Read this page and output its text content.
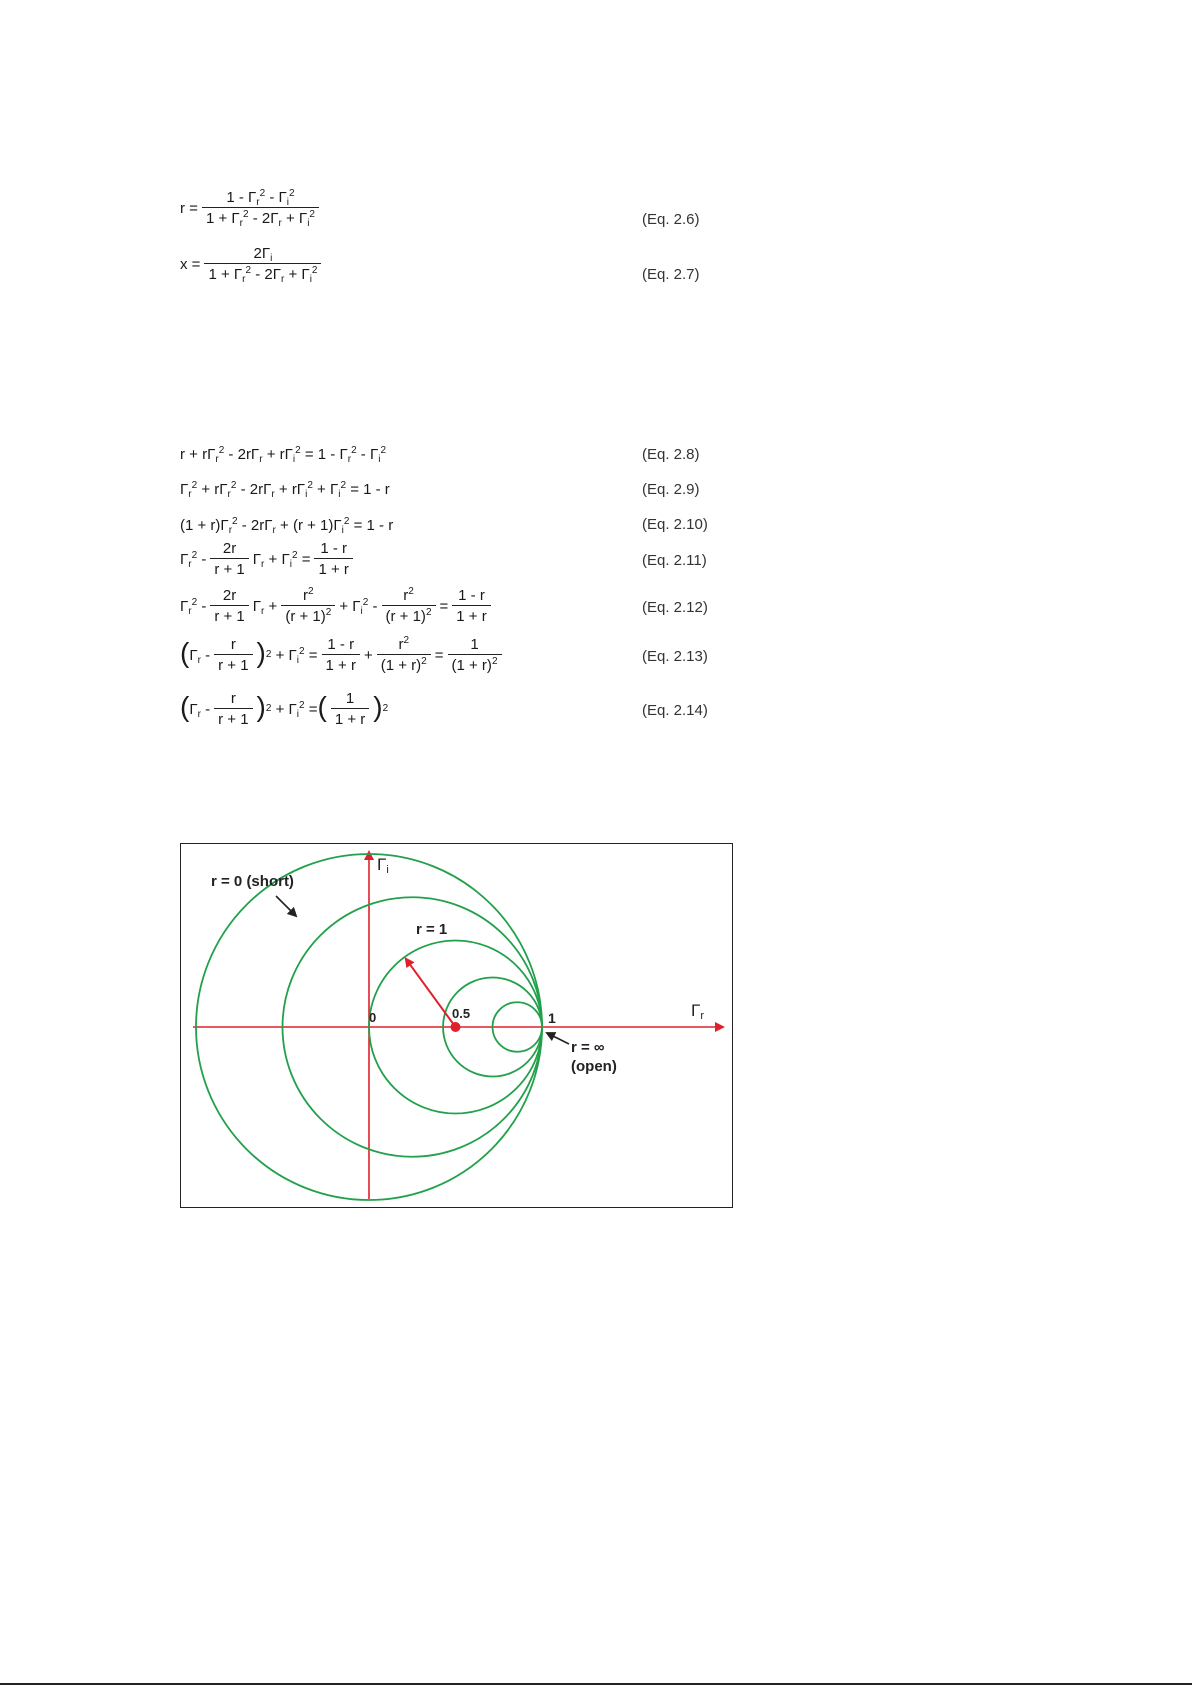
$r = \frac{1 - \Gamma_r^2 - \Gamma_i^2}{1 + \Gamma_r^2 - 2\Gamma_r + \Gamma_i^2}$	(Eq. 2.6)
$x = \frac{2\Gamma_i}{1 + \Gamma_r^2 - 2\Gamma_r + \Gamma_i^2}$	(Eq. 2.7)
$r + r\Gamma_r^2 - 2r\Gamma_r + r\Gamma_i^2 = 1 - \Gamma_r^2 - \Gamma_i^2$	(Eq. 2.8)
$\Gamma_r^2 + r\Gamma_r^2 - 2r\Gamma_r + r\Gamma_i^2 + \Gamma_i^2 = 1 - r$	(Eq. 2.9)
$(1 + r)\Gamma_r^2 - 2r\Gamma_r + (r + 1)\Gamma_i^2 = 1 - r$	(Eq. 2.10)
$\Gamma_r^2 - \frac{2r}{r + 1} \Gamma_r + \Gamma_i^2 = \frac{1 - r}{1 + r}$	(Eq. 2.11)
$\Gamma_r^2 - \frac{2r}{r + 1} \Gamma_r + \frac{r^2}{(r + 1)^2} + \Gamma_i^2 - \frac{r^2}{(r + 1)^2} = \frac{1 - r}{1 + r}$	(Eq. 2.12)
( $\Gamma_r - \frac{r}{r + 1}$ ) $2 + \Gamma_i^2 = \frac{1 - r}{1 + r} + \frac{r^2}{(1 + r)^2} = \frac{1}{(1 + r)^2}$	(Eq. 2.13)
( $\Gamma_r - \frac{r}{r + 1}$ ) $2 + \Gamma_i^2$ = ( $\frac{1}{1 + r}$ ) 2	(Eq. 2.14)
$\Gamma_i$
$\Gamma_r$
0	0.5	1
r = 0 (short)
r = 1
r = ∞
(open)
